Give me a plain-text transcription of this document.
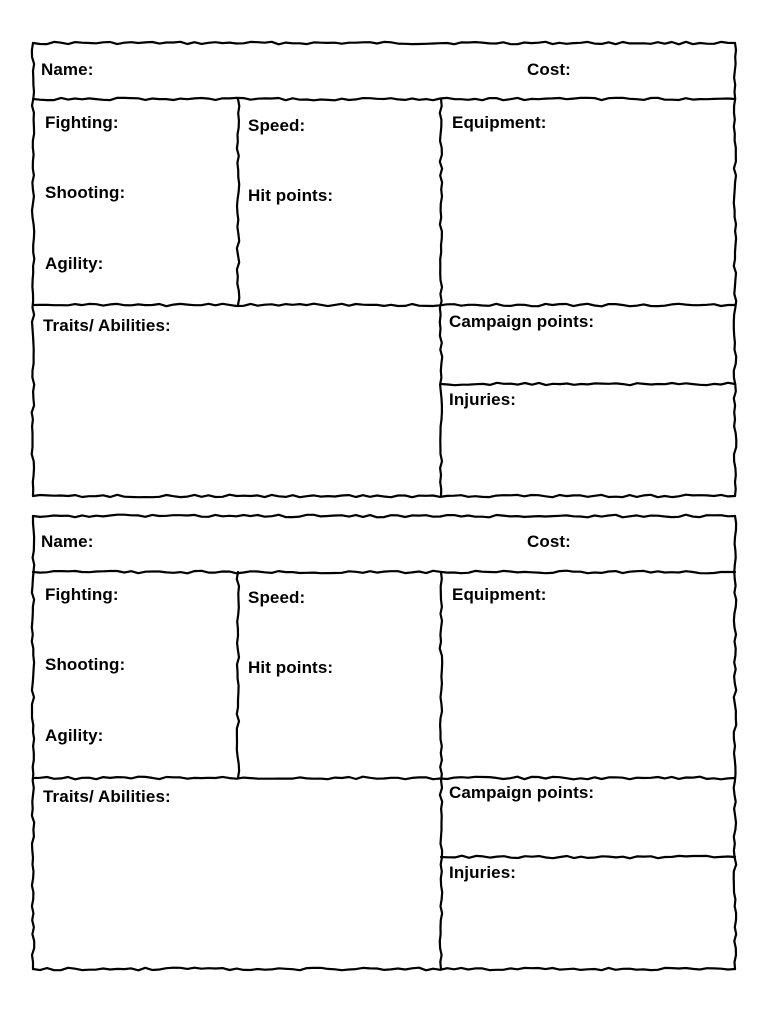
Name:	Cost:
Fighting:
Shooting:
Agility:
Speed:
Hit points:
Equipment:
Traits/ Abilities:	Campaign points:
Injuries:
Name:	Cost:
Fighting:
Shooting:
Agility:
Speed:
Hit points:
Equipment:
Traits/ Abilities:	Campaign points:
Injuries:
